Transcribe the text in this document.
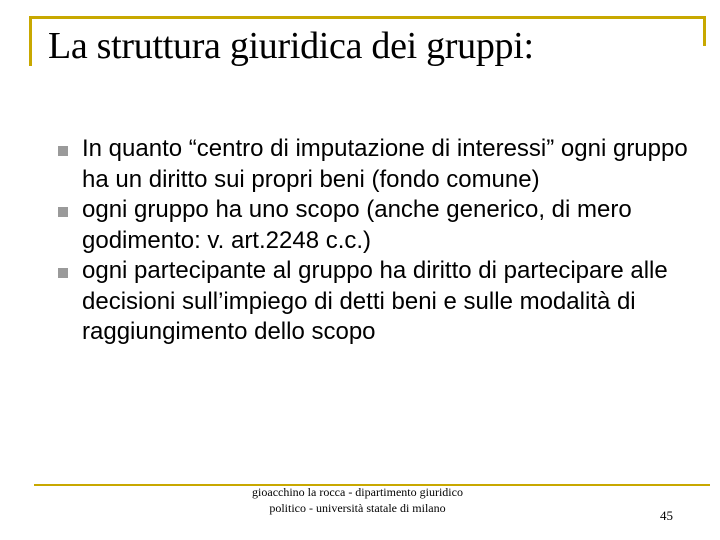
La struttura giuridica dei gruppi:
In quanto “centro di imputazione di interessi” ogni gruppo ha un diritto sui propri beni (fondo comune)
ogni gruppo ha uno scopo (anche generico, di mero godimento: v. art.2248 c.c.)
ogni partecipante al gruppo ha diritto di partecipare alle decisioni sull’impiego di detti beni e sulle modalità di raggiungimento dello scopo
gioacchino la rocca - dipartimento giuridico politico - università statale di milano	45
